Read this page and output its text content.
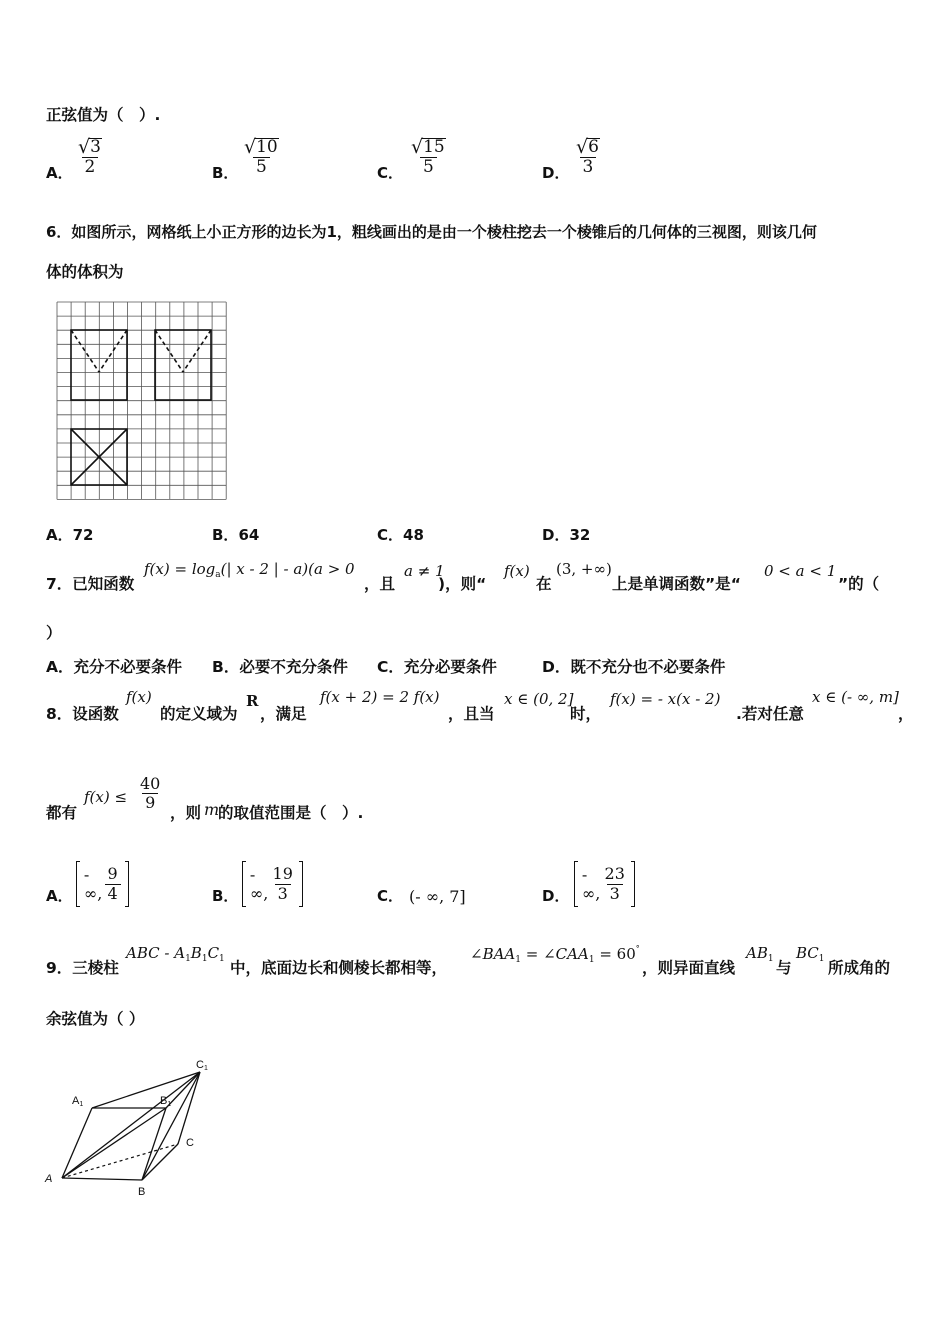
正弦值为（　）.
A． $\frac{√ 3}{2}$	B． $\frac{√ 10}{5}$	C． $\frac{√ 15}{5}$	D． $\frac{√ 6}{3}$
6．如图所示，网格纸上小正方形的边长为1，粗线画出的是由一个棱柱挖去一个棱锥后的几何体的三视图，则该几何
体的体积为
A．72	B．64	C．48	D．32
7．已知函数
$f(x) = \log_a(|$ x - 2 | - a)(a > 0
，且
a ≠ 1
)，则“
f(x)
在
(3, +∞)
上是单调函数”是“
0 < a < 1
”的（
）
A．充分不必要条件 B．必要不充分条件 C．充分必要条件	D．既不充分也不必要条件
8．设函数
f(x)
的定义域为
R
，满足
f(x + 2) = 2 f(x)
，且当
x ∈ (0, 2]
时，
f(x) = - x(x - 2)
.若对任意
x ∈ (- ∞, m]
，
都有
$f(x) \le \frac{40}{9}$
，则 m
的取值范围是（　）.
A．
- ∞, $\frac{9}{4}$	B．
- ∞, $\frac{19}{3}$	C． (- ∞, 7]	D．
- ∞, $\frac{23}{3}$
9．三棱柱
ABC - $A_1B_1C_1$ 中，底面边长和侧棱长都相等，
$\angle BAA_1$ = $\angle CAA_1 = 60^\circ$
，则异面直线
$AB_1$ 与
$BC_1$ 所成角的
余弦值为（ ）
A1	B1
C1
A
B
C
